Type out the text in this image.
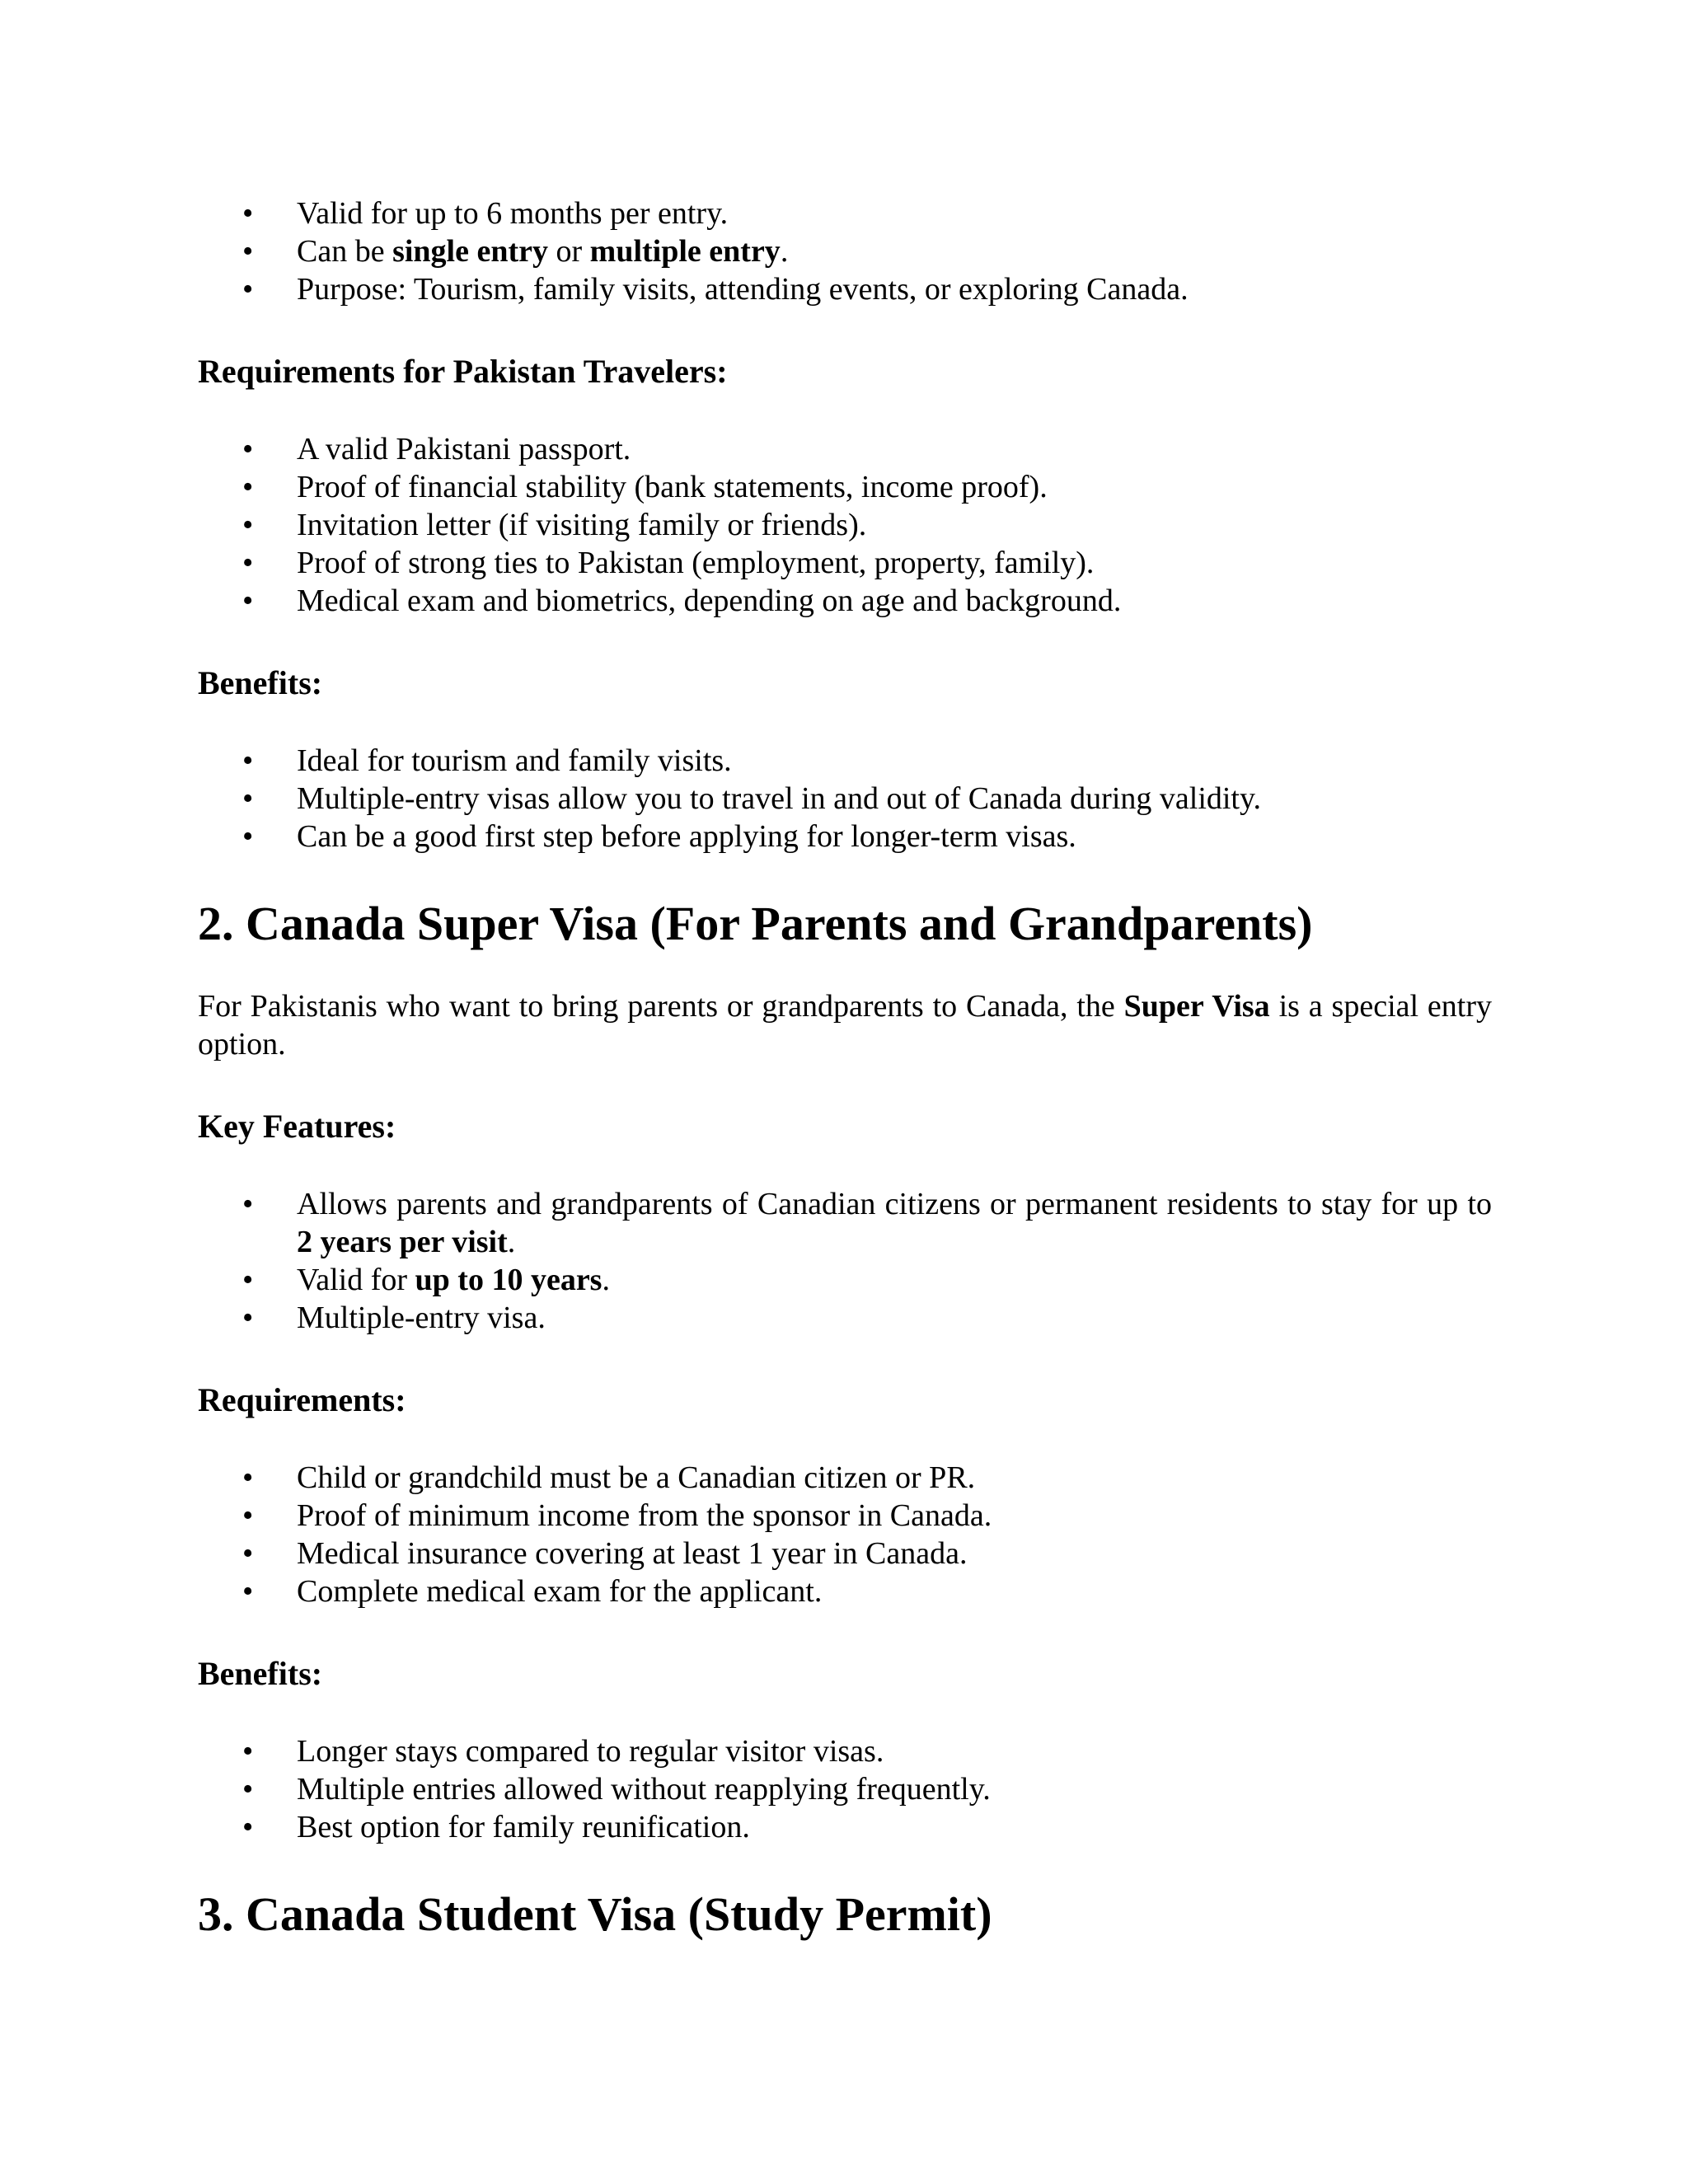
• Valid for up to 6 months per entry.
• Can be single entry or multiple entry.
• Purpose: Tourism, family visits, attending events, or exploring Canada.
Requirements for Pakistan Travelers:
• A valid Pakistani passport.
• Proof of financial stability (bank statements, income proof).
• Invitation letter (if visiting family or friends).
• Proof of strong ties to Pakistan (employment, property, family).
• Medical exam and biometrics, depending on age and background.
Benefits:
• Ideal for tourism and family visits.
• Multiple-entry visas allow you to travel in and out of Canada during validity.
• Can be a good first step before applying for longer-term visas.
2. Canada Super Visa (For Parents and Grandparents)

For Pakistanis who want to bring parents or grandparents to Canada, the Super Visa is a special entry option.

Key Features:
• Allows parents and grandparents of Canadian citizens or permanent residents to stay for up to 2 years per visit.
• Valid for up to 10 years.
• Multiple-entry visa.
Requirements:
• Child or grandchild must be a Canadian citizen or PR.
• Proof of minimum income from the sponsor in Canada.
• Medical insurance covering at least 1 year in Canada.
• Complete medical exam for the applicant.
Benefits:
• Longer stays compared to regular visitor visas.
• Multiple entries allowed without reapplying frequently.
• Best option for family reunification.
3. Canada Student Visa (Study Permit)
